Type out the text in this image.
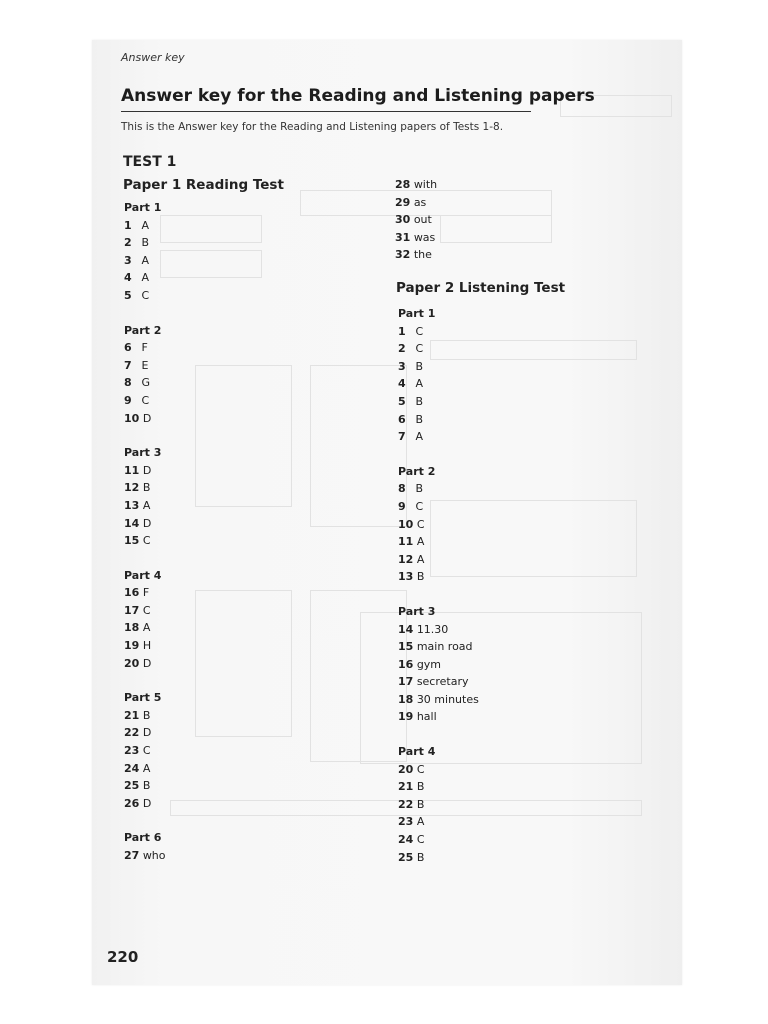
Answer key
Answer key for the Reading and Listening papers
This is the Answer key for the Reading and Listening papers of Tests 1-8.
TEST 1
Paper 1 Reading Test
Part 1
1 A
2 B
3 A
4 A
5 C
Part 2
6 F
7 E
8 G
9 C
10 D
Part 3
11 D
12 B
13 A
14 D
15 C
Part 4
16 F
17 C
18 A
19 H
20 D
Part 5
21 B
22 D
23 C
24 A
25 B
26 D
Part 6
27 who
28 with
29 as
30 out
31 was
32 the
Paper 2 Listening Test
Part 1
1 C
2 C
3 B
4 A
5 B
6 B
7 A
Part 2
8 B
9 C
10 C
11 A
12 A
13 B
Part 3
14 11.30
15 main road
16 gym
17 secretary
18 30 minutes
19 hall
Part 4
20 C
21 B
22 B
23 A
24 C
25 B
220
